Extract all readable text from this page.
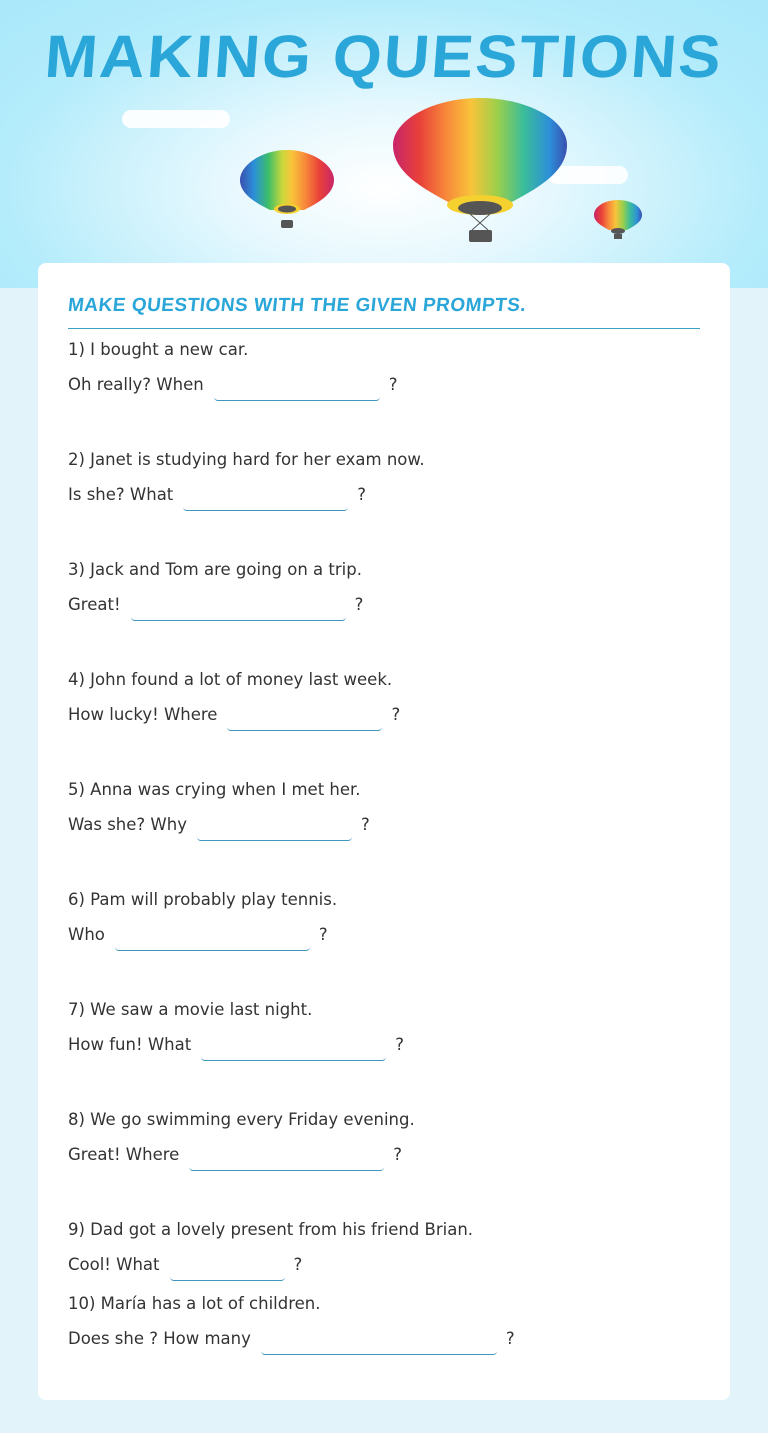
MAKING QUESTIONS
MAKE QUESTIONS WITH THE GIVEN PROMPTS.
1) I bought a new car.
Oh really? When	?
2) Janet is studying hard for her exam now.
Is she? What	?
3) Jack and Tom are going on a trip.
Great!	?
4) John found a lot of money last week.
How lucky! Where	?
5) Anna was crying when I met her.
Was she? Why	?
6) Pam will probably play tennis.
Who	?
7) We saw a movie last night.
How fun! What	?
8) We go swimming every Friday evening.
Great! Where	?
9) Dad got a lovely present from his friend Brian.
Cool! What	?
10) María has a lot of children.
Does she ? How many	?
